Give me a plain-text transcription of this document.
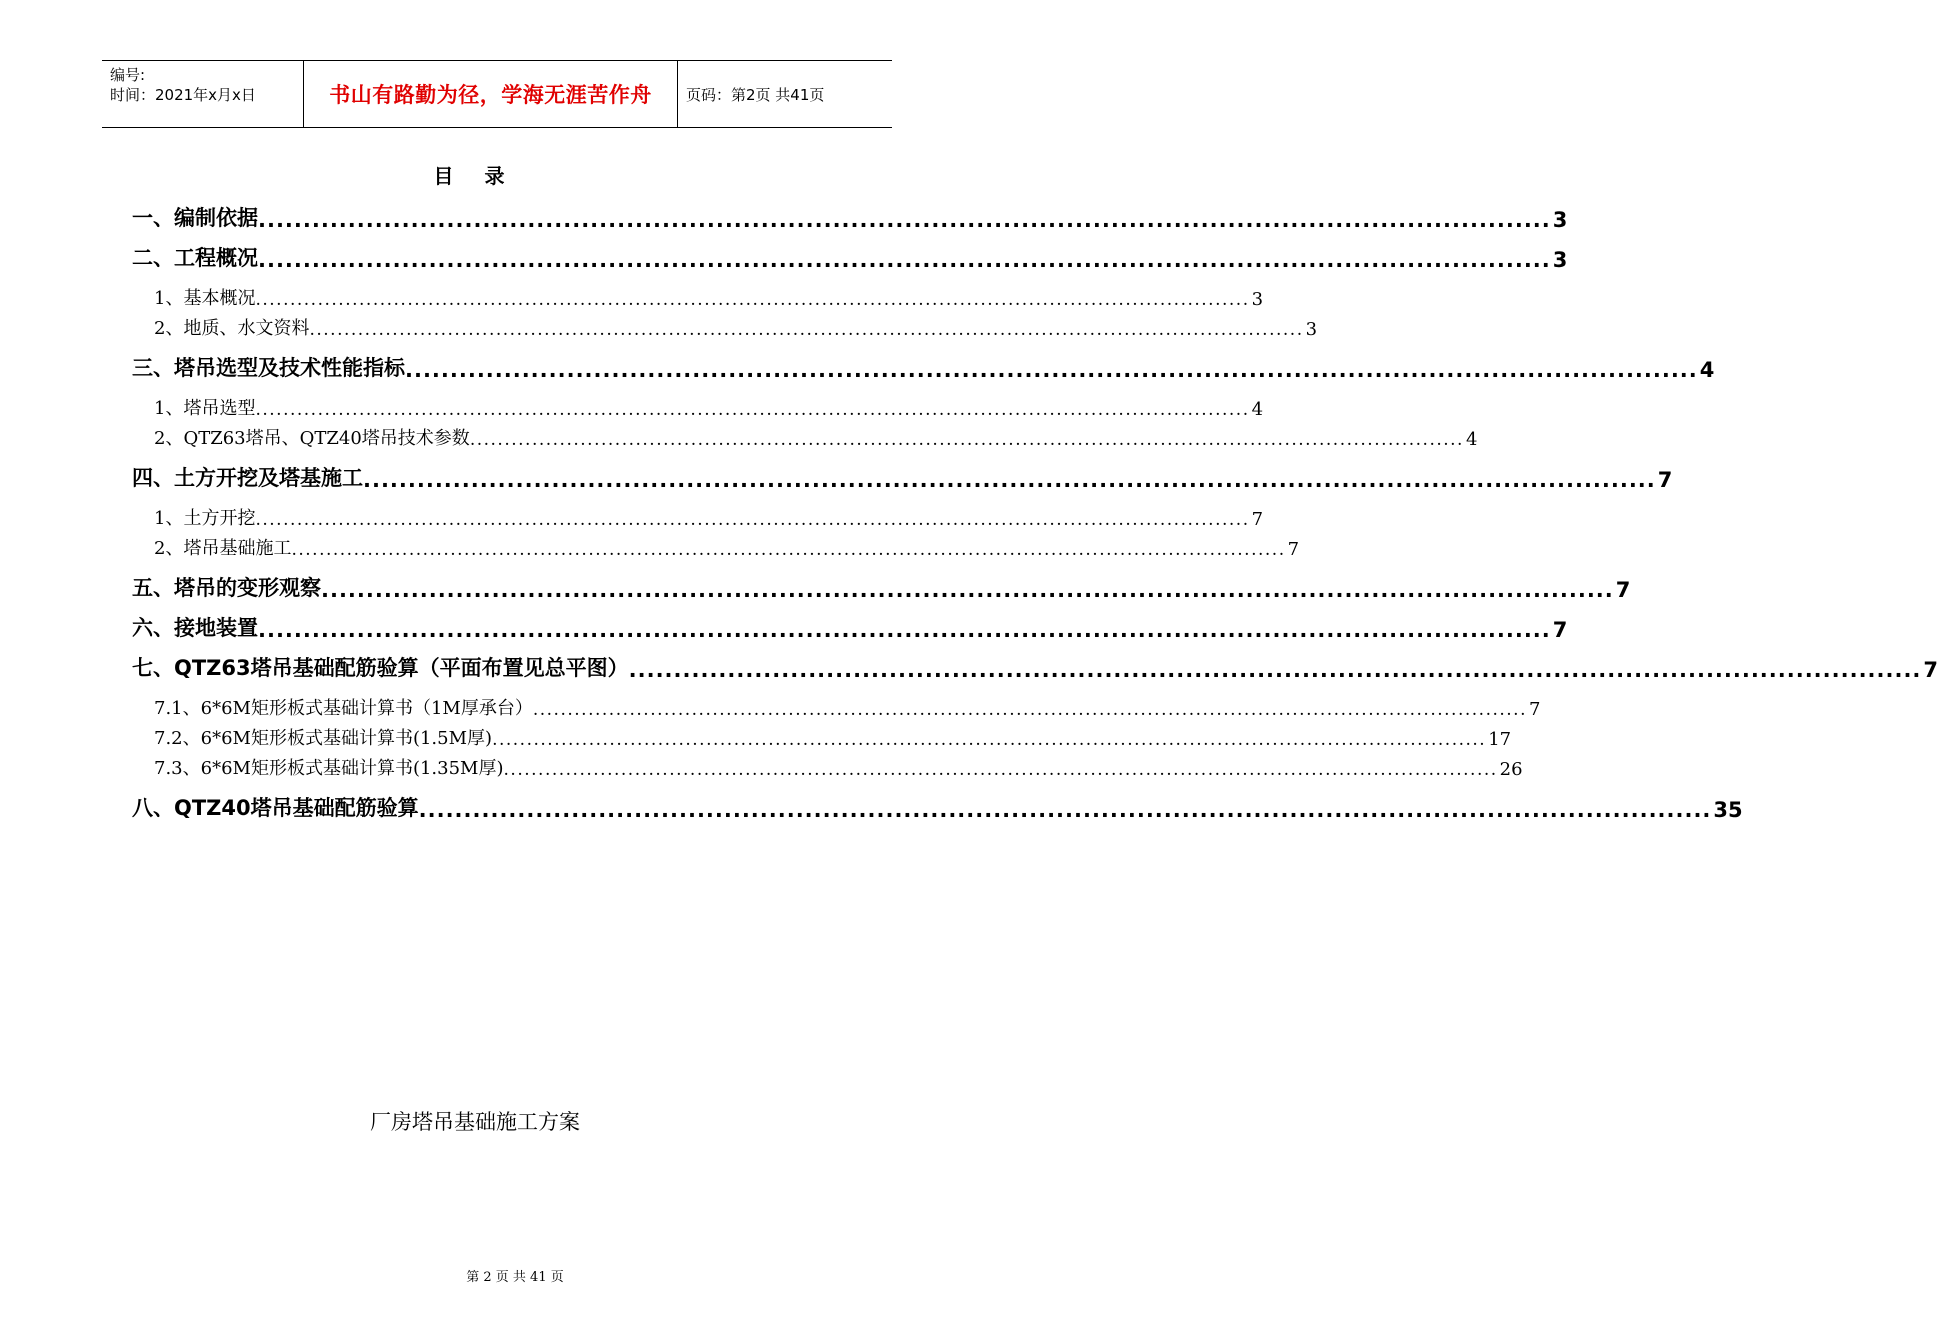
编号:
时间：2021年x月x日	书山有路勤为径，学海无涯苦作舟	页码：第2页 共41页
目 录
一、编制依据 ................................................................................................................................................ 3
二、工程概况 ................................................................................................................................................ 3
1、基本概况 ................................................................................................................................................ 3
2、地质、水文资料 ................................................................................................................................................ 3
三、塔吊选型及技术性能指标 ................................................................................................................................................ 4
1、塔吊选型 ................................................................................................................................................ 4
2、QTZ63塔吊、QTZ40塔吊技术参数 ................................................................................................................................................ 4
四、土方开挖及塔基施工 ................................................................................................................................................ 7
1、土方开挖 ................................................................................................................................................ 7
2、塔吊基础施工 ................................................................................................................................................ 7
五、塔吊的变形观察 ................................................................................................................................................ 7
六、接地装置 ................................................................................................................................................ 7
七、QTZ63塔吊基础配筋验算（平面布置见总平图） ................................................................................................................................................ 7
7.1、6*6M矩形板式基础计算书（1M厚承台） ................................................................................................................................................ 7
7.2、6*6M矩形板式基础计算书(1.5M厚) ................................................................................................................................................ 17
7.3、6*6M矩形板式基础计算书(1.35M厚) ................................................................................................................................................ 26
八、QTZ40塔吊基础配筋验算 ................................................................................................................................................ 35
厂房塔吊基础施工方案
第 2 页 共 41 页
